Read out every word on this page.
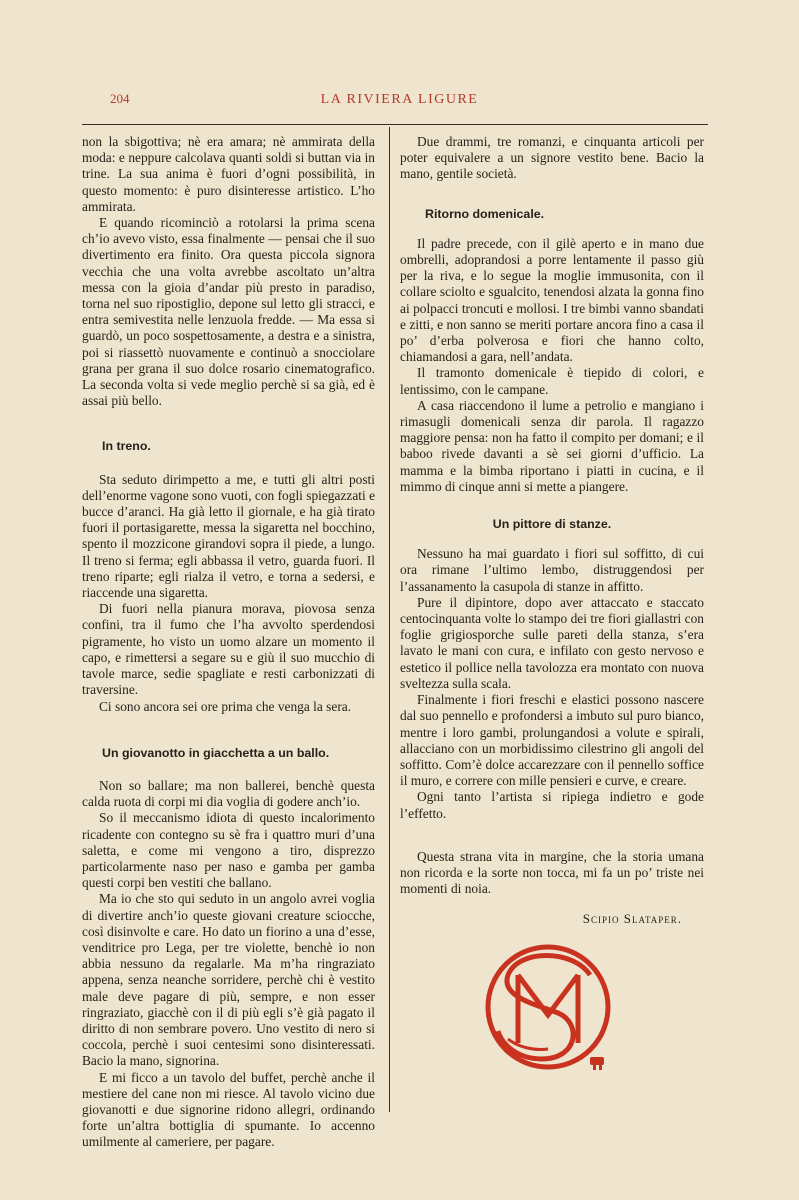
204	LA RIVIERA LIGURE

non la sbigottiva; nè era amara; nè ammirata della moda: e neppure calcolava quanti soldi si buttan via in trine. La sua anima è fuori d’ogni possibilità, in questo momento: è puro disinteresse artistico. L’ho ammirata.

E quando ricominciò a rotolarsi la prima scena ch’io avevo visto, essa finalmente — pensai che il suo divertimento era finito. Ora questa piccola signora vecchia che una volta avrebbe ascoltato un’altra messa con la gioia d’andar più presto in paradiso, torna nel suo ripostiglio, depone sul letto gli stracci, e entra semivestita nelle lenzuola fredde. — Ma essa si guardò, un poco sospettosamente, a destra e a sinistra, poi si riassettò nuovamente e continuò a snocciolare grana per grana il suo dolce rosario cinematografico. La seconda volta si vede meglio perchè si sa già, ed è assai più bello.

In treno.

Sta seduto dirimpetto a me, e tutti gli altri posti dell’enorme vagone sono vuoti, con fogli spiegazzati e bucce d’aranci. Ha già letto il giornale, e ha già tirato fuori il portasigarette, messa la sigaretta nel bocchino, spento il mozzicone girandovi sopra il piede, a lungo. Il treno si ferma; egli abbassa il vetro, guarda fuori. Il treno riparte; egli rialza il vetro, e torna a sedersi, e riaccende una sigaretta.

Di fuori nella pianura morava, piovosa senza confini, tra il fumo che l’ha avvolto sperdendosi pigramente, ho visto un uomo alzare un momento il capo, e rimettersi a segare su e giù il suo mucchio di tavole marce, sedie spagliate e resti carbonizzati di traversine.

Ci sono ancora sei ore prima che venga la sera.

Un giovanotto in giacchetta a un ballo.

Non so ballare; ma non ballerei, benchè questa calda ruota di corpi mi dia voglia di godere anch’io.

So il meccanismo idiota di questo incalorimento ricadente con contegno su sè fra i quattro muri d’una saletta, e come mi vengono a tiro, disprezzo particolarmente naso per naso e gamba per gamba questi corpi ben vestiti che ballano.

Ma io che sto qui seduto in un angolo avrei voglia di divertire anch’io queste giovani creature sciocche, così disinvolte e care. Ho dato un fiorino a una d’esse, venditrice pro Lega, per tre violette, benchè io non abbia nessuno da regalarle. Ma m’ha ringraziato appena, senza neanche sorridere, perchè chi è vestito male deve pagare di più, sempre, e non esser ringraziato, giacchè con il di più egli s’è già pagato il diritto di non sembrare povero. Uno vestito di nero si coccola, perchè i suoi centesimi sono disinteressati. Bacio la mano, signorina.

E mi ficco a un tavolo del buffet, perchè anche il mestiere del cane non mi riesce. Al tavolo vicino due giovanotti e due signorine ridono allegri, ordinando forte un’altra bottiglia di spumante. Io accenno umilmente al cameriere, per pagare.

Due drammi, tre romanzi, e cinquanta articoli per poter equivalere a un signore vestito bene. Bacio la mano, gentile società.

Ritorno domenicale.

Il padre precede, con il gilè aperto e in mano due ombrelli, adoprandosi a porre lentamente il passo giù per la riva, e lo segue la moglie immusonita, con il collare sciolto e sgualcito, tenendosi alzata la gonna fino ai polpacci troncuti e mollosi. I tre bimbi vanno sbandati e zitti, e non sanno se meriti portare ancora fino a casa il po’ d’erba polverosa e fiori che hanno colto, chiamandosi a gara, nell’andata.

Il tramonto domenicale è tiepido di colori, e lentissimo, con le campane.

A casa riaccendono il lume a petrolio e mangiano i rimasugli domenicali senza dir parola. Il ragazzo maggiore pensa: non ha fatto il compito per domani; e il baboo rivede davanti a sè sei giorni d’ufficio. La mamma e la bimba riportano i piatti in cucina, e il mimmo di cinque anni si mette a piangere.

Un pittore di stanze.

Nessuno ha mai guardato i fiori sul soffitto, di cui ora rimane l’ultimo lembo, distruggendosi per l’assanamento la casupola di stanze in affitto.

Pure il dipintore, dopo aver attaccato e staccato centocinquanta volte lo stampo dei tre fiori giallastri con foglie grigiosporche sulle pareti della stanza, s’era lavato le mani con cura, e infilato con gesto nervoso e estetico il pollice nella tavolozza era montato con nuova sveltezza sulla scala.

Finalmente i fiori freschi e elastici possono nascere dal suo pennello e profondersi a imbuto sul puro bianco, mentre i loro gambi, prolungandosi a volute e spirali, allacciano con un morbidissimo cilestrino gli angoli del soffitto. Com’è dolce accarezzare con il pennello soffice il muro, e correre con mille pensieri e curve, e creare.

Ogni tanto l’artista si ripiega indietro e gode l’effetto.

Questa strana vita in margine, che la storia umana non ricorda e la sorte non tocca, mi fa un po’ triste nei momenti di noia.

Scipio Slataper.
